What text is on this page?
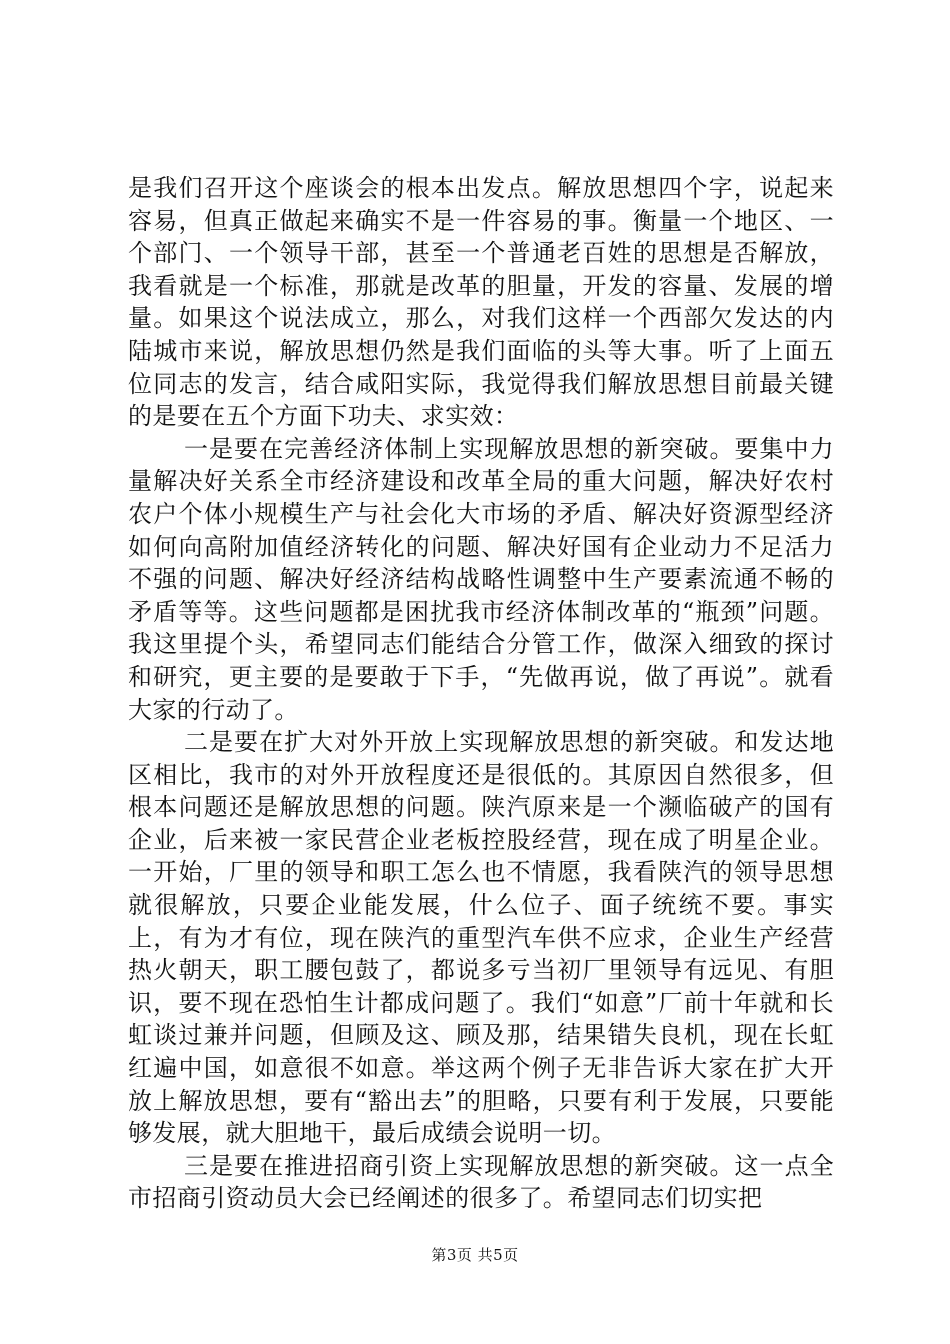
是我们召开这个座谈会的根本出发点。解放思想四个字，说起来容易，但真正做起来确实不是一件容易的事。衡量一个地区、一个部门、一个领导干部，甚至一个普通老百姓的思想是否解放，我看就是一个标准，那就是改革的胆量，开发的容量、发展的增量。如果这个说法成立，那么，对我们这样一个西部欠发达的内陆城市来说，解放思想仍然是我们面临的头等大事。听了上面五位同志的发言，结合咸阳实际，我觉得我们解放思想目前最关键的是要在五个方面下功夫、求实效：

一是要在完善经济体制上实现解放思想的新突破。要集中力量解决好关系全市经济建设和改革全局的重大问题，解决好农村农户个体小规模生产与社会化大市场的矛盾、解决好资源型经济如何向高附加值经济转化的问题、解决好国有企业动力不足活力不强的问题、解决好经济结构战略性调整中生产要素流通不畅的矛盾等等。这些问题都是困扰我市经济体制改革的“瓶颈”问题。我这里提个头，希望同志们能结合分管工作，做深入细致的探讨和研究，更主要的是要敢于下手，“先做再说，做了再说”。就看大家的行动了。

二是要在扩大对外开放上实现解放思想的新突破。和发达地区相比，我市的对外开放程度还是很低的。其原因自然很多，但根本问题还是解放思想的问题。陕汽原来是一个濒临破产的国有企业，后来被一家民营企业老板控股经营，现在成了明星企业。一开始，厂里的领导和职工怎么也不情愿，我看陕汽的领导思想就很解放，只要企业能发展，什么位子、面子统统不要。事实上，有为才有位，现在陕汽的重型汽车供不应求，企业生产经营热火朝天，职工腰包鼓了，都说多亏当初厂里领导有远见、有胆识，要不现在恐怕生计都成问题了。我们“如意”厂前十年就和长虹谈过兼并问题，但顾及这、顾及那，结果错失良机，现在长虹红遍中国，如意很不如意。举这两个例子无非告诉大家在扩大开放上解放思想，要有“豁出去”的胆略，只要有利于发展，只要能够发展，就大胆地干，最后成绩会说明一切。

三是要在推进招商引资上实现解放思想的新突破。这一点全市招商引资动员大会已经阐述的很多了。希望同志们切实把

第3页 共5页
